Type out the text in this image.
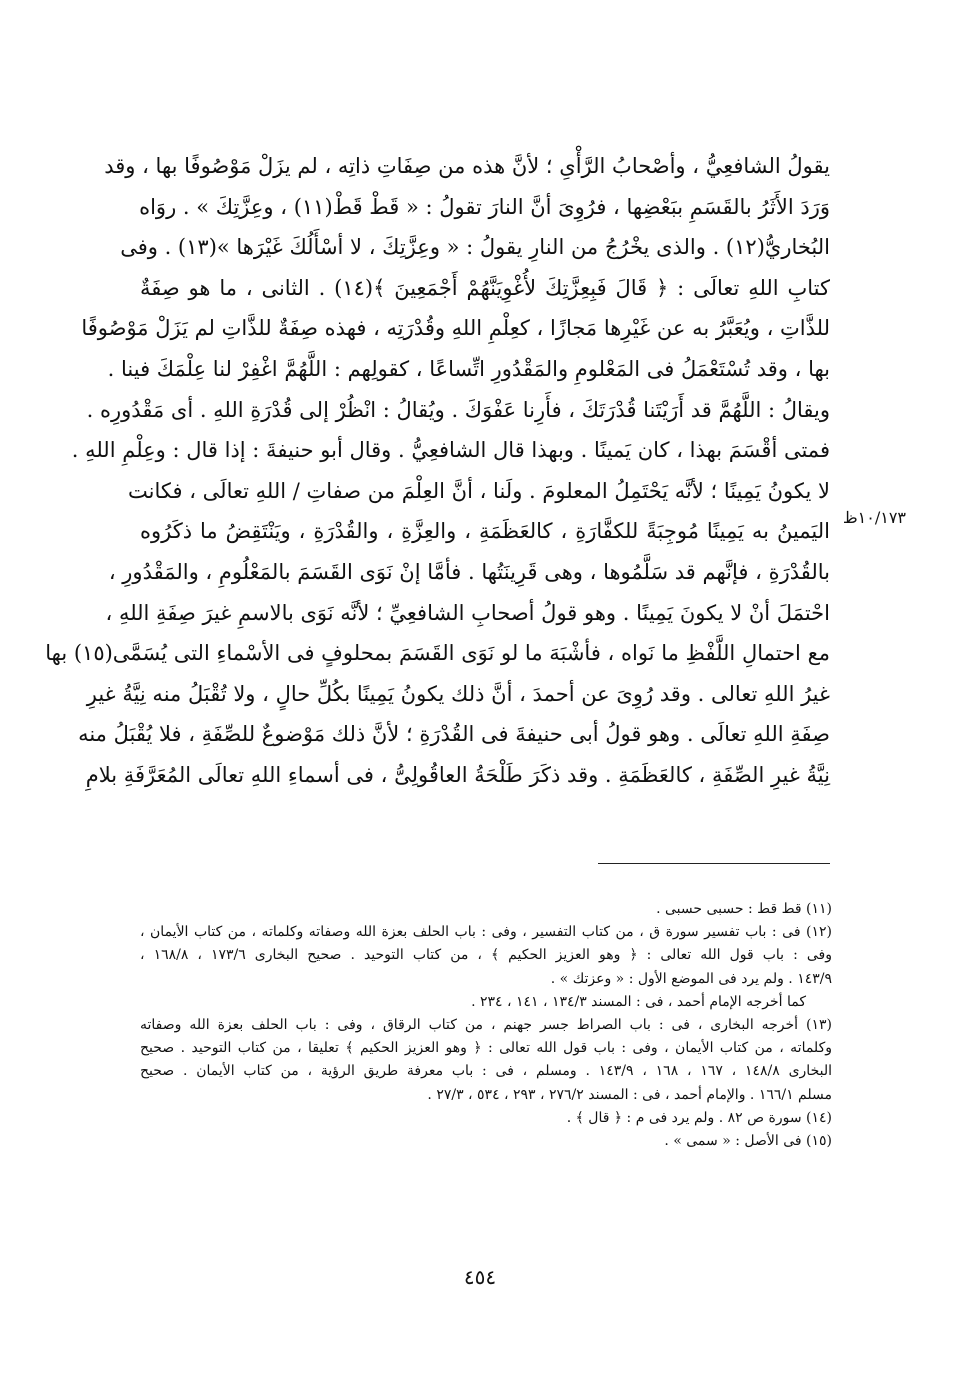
يقولُ الشافعِيُّ ، وأصْحابُ الرَّأْىِ ؛ لأنَّ هذه من صِفَاتِ ذاتِه ، لم يزَلْ مَوْصُوفًا بها ، وقد
وَرَدَ الأَثَرُ بالقَسَمِ ببَعْضِها ، فرُوِىَ أنَّ النارَ تقولُ : « قَطْ قَطْ(١١) ، وعِزَّتِكَ » . روَاه
البُخاريُّ(١٢) . والذى يخْرُجُ من النارِ يقولُ : « وعِزَّتِكَ ، لا أسْأَلُكَ غَيْرَها »(١٣) . وفى
كتابِ اللهِ تعالَى : ﴿ قَالَ فَبِعِزَّتِكَ لأُغْوِيَنَّهُمْ أَجْمَعِينَ ﴾(١٤) . الثانى ، ما هو صِفَةٌ
للذَّاتِ ، ويُعَبَّرُ به عن غَيْرِها مَجازًا ، كعِلْمِ اللهِ وقُدْرَتِه ، فهذه صِفَةٌ للذَّاتِ لم يَزَلْ مَوْصُوفًا
بها ، وقد تُسْتَعْمَلُ فى المَعْلومِ والمَقْدُورِ اتِّساعًا ، كقولِهم : اللَّهُمَّ اغْفِرْ لنا عِلْمَكَ فينا .
ويقالُ : اللَّهُمَّ قد أَرَيْتَنا قُدْرَتَكَ ، فأَرِنا عَفْوَكَ . ويُقالُ : انْظُرْ إلى قُدْرَةِ اللهِ . أى مَقْدُورِه .
فمتى أقْسَمَ بهذا ، كان يَمينًا . وبهذا قال الشافعِيُّ . وقال أبو حنيفةَ : إذا قال : وعِلْمِ اللهِ .
لا يكونُ يَمِينًا ؛ لأنَّه يَحْتَمِلُ المعلومَ . ولَنا ، أنَّ العِلْمَ من صفاتِ / اللهِ تعالَى ، فكانت
اليَمينُ به يَمِينًا مُوجِبَةً للكفَّارَةِ ، كالعَظَمَةِ ، والعِزَّةِ ، والقُدْرَةِ ، ويَنْتَقِضُ ما ذكَرُوه
بالقُدْرَةِ ، فإنَّهم قد سَلَّمُوها ، وهى قَرِينَتُها . فأمَّا إنْ نَوَى القَسَمَ بالمَعْلُومِ ، والمَقْدُورِ ،
احْتمَلَ أنْ لا يكونَ يَمِينًا . وهو قولُ أصحابِ الشافعِيِّ ؛ لأنَّه نَوَى بالاسمِ غيرَ صِفَةِ اللهِ ،
مع احتمالِ اللَّفْظِ ما نَواه ، فأشْبَهَ ما لو نَوَى القَسَمَ بمحلوفٍ فى الأسْماءِ التى يُسَمَّى(١٥) بها
غيرُ اللهِ تعالى . وقد رُوِىَ عن أحمدَ ، أنَّ ذلك يكونُ يَمِينًا بكُلِّ حالٍ ، ولا تُقْبَلُ منه نِيَّةُ غيرِ
صِفَةِ اللهِ تعالَى . وهو قولُ أبى حنيفةَ فى القُدْرَةِ ؛ لأنَّ ذلك مَوْضوعٌ للصِّفَةِ ، فلا يُقْبَلُ منه
نِيَّةُ غيرِ الصِّفَةِ ، كالعَظَمَةِ . وقد ذكَرَ طَلْحَةُ العاقُولِىُّ ، فى أسماءِ اللهِ تعالَى المُعَرَّفَةِ بلامِ
١٠/١٧٣ظ
(١١) قط قط : حسبى حسبى .
(١٢) فى : باب تفسير سورة ق ، من كتاب التفسير ، وفى : باب الحلف بعزة الله وصفاته وكلماته ، من كتاب الأيمان ،
وفى : باب قول الله تعالى : ﴿ وهو العزيز الحكيم ﴾ ، من كتاب التوحيد . صحيح البخارى ١٧٣/٦ ، ١٦٨/٨ ،
١٤٣/٩ . ولم يرد فى الموضع الأول : « وعزتك » .
كما أخرجه الإمام أحمد ، فى : المسند ١٣٤/٣ ، ١٤١ ، ٢٣٤ .
(١٣) أخرجه البخارى ، فى : باب الصراط جسر جهنم ، من كتاب الرقاق ، وفى : باب الحلف بعزة الله وصفاته
وكلماته ، من كتاب الأيمان ، وفى : باب قول الله تعالى : ﴿ وهو العزيز الحكيم ﴾ تعليقا ، من كتاب التوحيد . صحيح
البخارى ١٤٨/٨ ، ١٦٧ ، ١٦٨ ، ١٤٣/٩ . ومسلم ، فى : باب معرفة طريق الرؤية ، من كتاب الأيمان . صحيح
مسلم ١٦٦/١ . والإمام أحمد ، فى : المسند ٢٧٦/٢ ، ٢٩٣ ، ٥٣٤ ، ٢٧/٣ .
(١٤) سورة ص ٨٢ . ولم يرد فى م : ﴿ قال ﴾ .
(١٥) فى الأصل : « سمى » .
٤٥٤
